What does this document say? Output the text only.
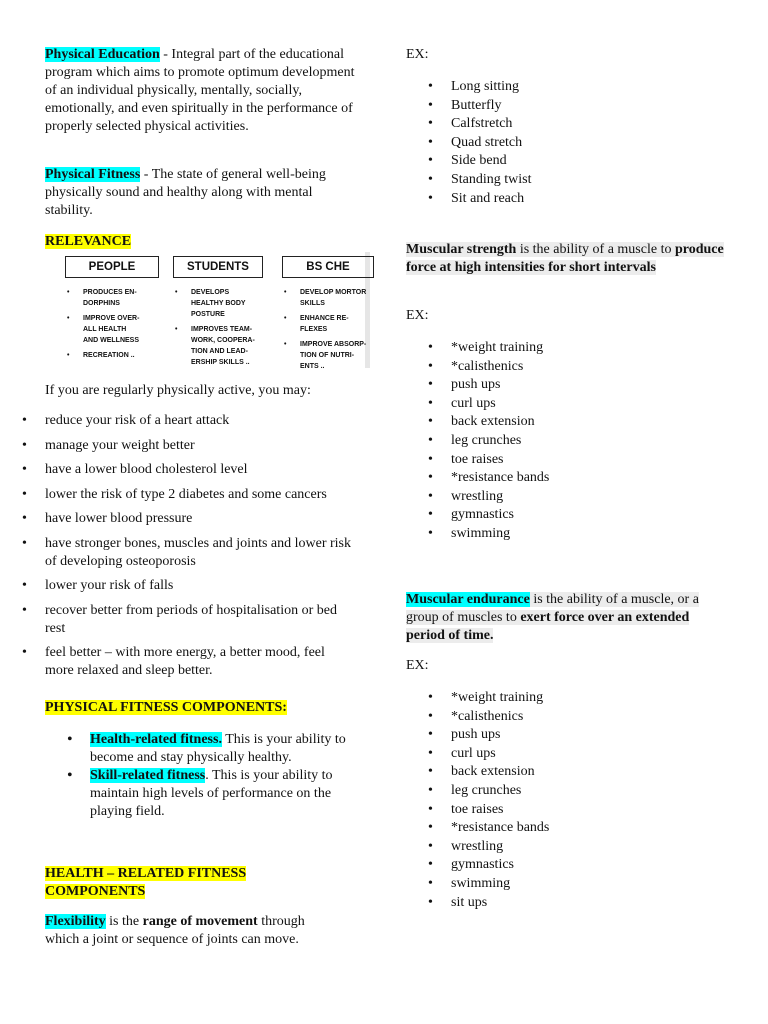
Physical Education - Integral part of the educational program which aims to promote optimum development of an individual physically, mentally, socially, emotionally, and even spiritually in the performance of properly selected physical activities.

Physical Fitness - The state of general well-being physically sound and healthy along with mental stability.

RELEVANCE

PEOPLE	STUDENTS	BS CHE
• PRODUCES EN-
DORPHINS
• IMPROVE OVER-
ALL HEALTH
AND WELLNESS
• RECREATION ..
• DEVELOPS
HEALTHY BODY
POSTURE
• IMPROVES TEAM-
WORK, COOPERA-
TION AND LEAD-
ERSHIP SKILLS ..
• DEVELOP MORTOR
SKILLS
• ENHANCE RE-
FLEXES
• IMPROVE ABSORP-
TION OF NUTRI-
ENTS ..

If you are regularly physically active, you may:

• reduce your risk of a heart attack
• manage your weight better
• have a lower blood cholesterol level
• lower the risk of type 2 diabetes and some cancers
• have lower blood pressure
• have stronger bones, muscles and joints and lower risk of developing osteoporosis
• lower your risk of falls
• recover better from periods of hospitalisation or bed rest
• feel better – with more energy, a better mood, feel more relaxed and sleep better.

PHYSICAL FITNESS COMPONENTS:

• Health-related fitness. This is your ability to become and stay physically healthy.
• Skill-related fitness. This is your ability to maintain high levels of performance on the playing field.

HEALTH – RELATED FITNESS
COMPONENTS

Flexibility is the range of movement through which a joint or sequence of joints can move.

EX:

• Long sitting
• Butterfly
• Calfstretch
• Quad stretch
• Side bend
• Standing twist
• Sit and reach

Muscular strength is the ability of a muscle to produce force at high intensities for short intervals

EX:

• *weight training
• *calisthenics
• push ups
• curl ups
• back extension
• leg crunches
• toe raises
• *resistance bands
• wrestling
• gymnastics
• swimming

Muscular endurance is the ability of a muscle, or a group of muscles to exert force over an extended period of time.

EX:

• *weight training
• *calisthenics
• push ups
• curl ups
• back extension
• leg crunches
• toe raises
• *resistance bands
• wrestling
• gymnastics
• swimming
• sit ups
